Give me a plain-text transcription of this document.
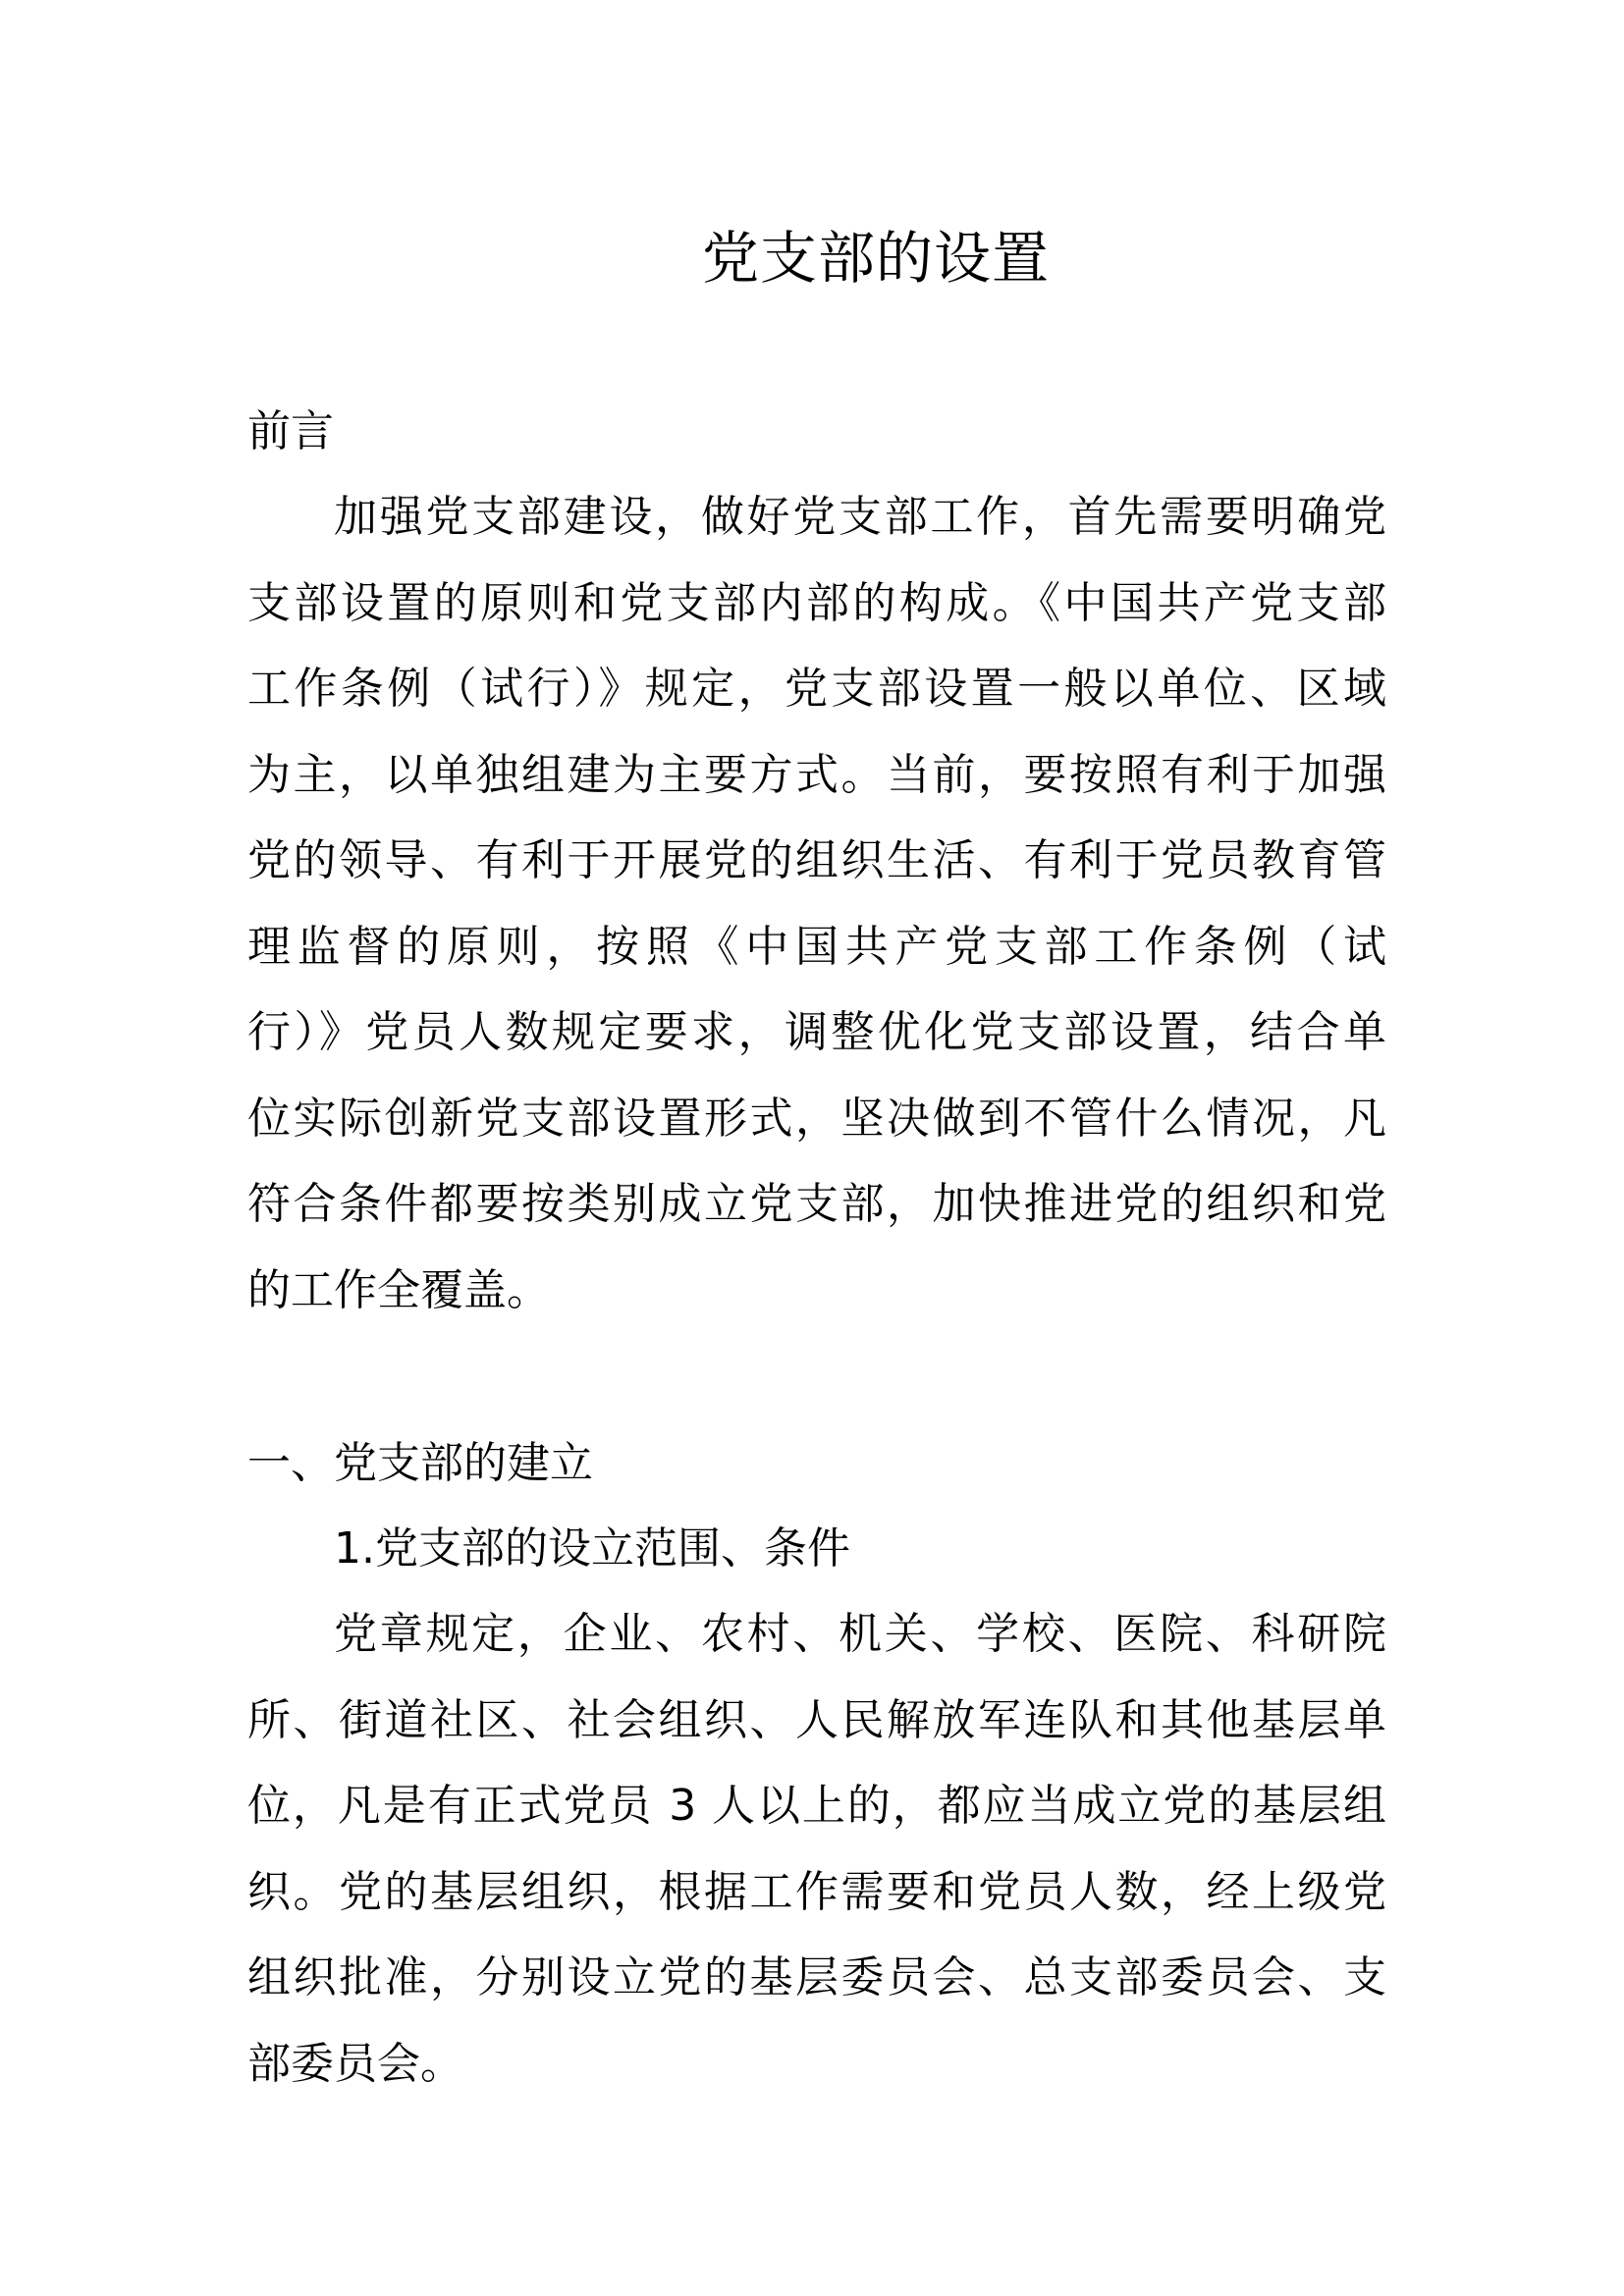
党支部的设置
前言
加强党支部建设，做好党支部工作，首先需要明确党
支部设置的原则和党支部内部的构成。《中国共产党支部
工作条例（试行）》规定，党支部设置一般以单位、区域
为主，以单独组建为主要方式。当前，要按照有利于加强
党的领导、有利于开展党的组织生活、有利于党员教育管
理监督的原则，按照《中国共产党支部工作条例（试
行）》党员人数规定要求，调整优化党支部设置，结合单
位实际创新党支部设置形式，坚决做到不管什么情况，凡
符合条件都要按类别成立党支部，加快推进党的组织和党
的工作全覆盖。
一、党支部的建立
1.党支部的设立范围、条件
党章规定，企业、农村、机关、学校、医院、科研院
所、街道社区、社会组织、人民解放军连队和其他基层单
位，凡是有正式党员 3 人以上的，都应当成立党的基层组
织。党的基层组织，根据工作需要和党员人数，经上级党
组织批准，分别设立党的基层委员会、总支部委员会、支
部委员会。
